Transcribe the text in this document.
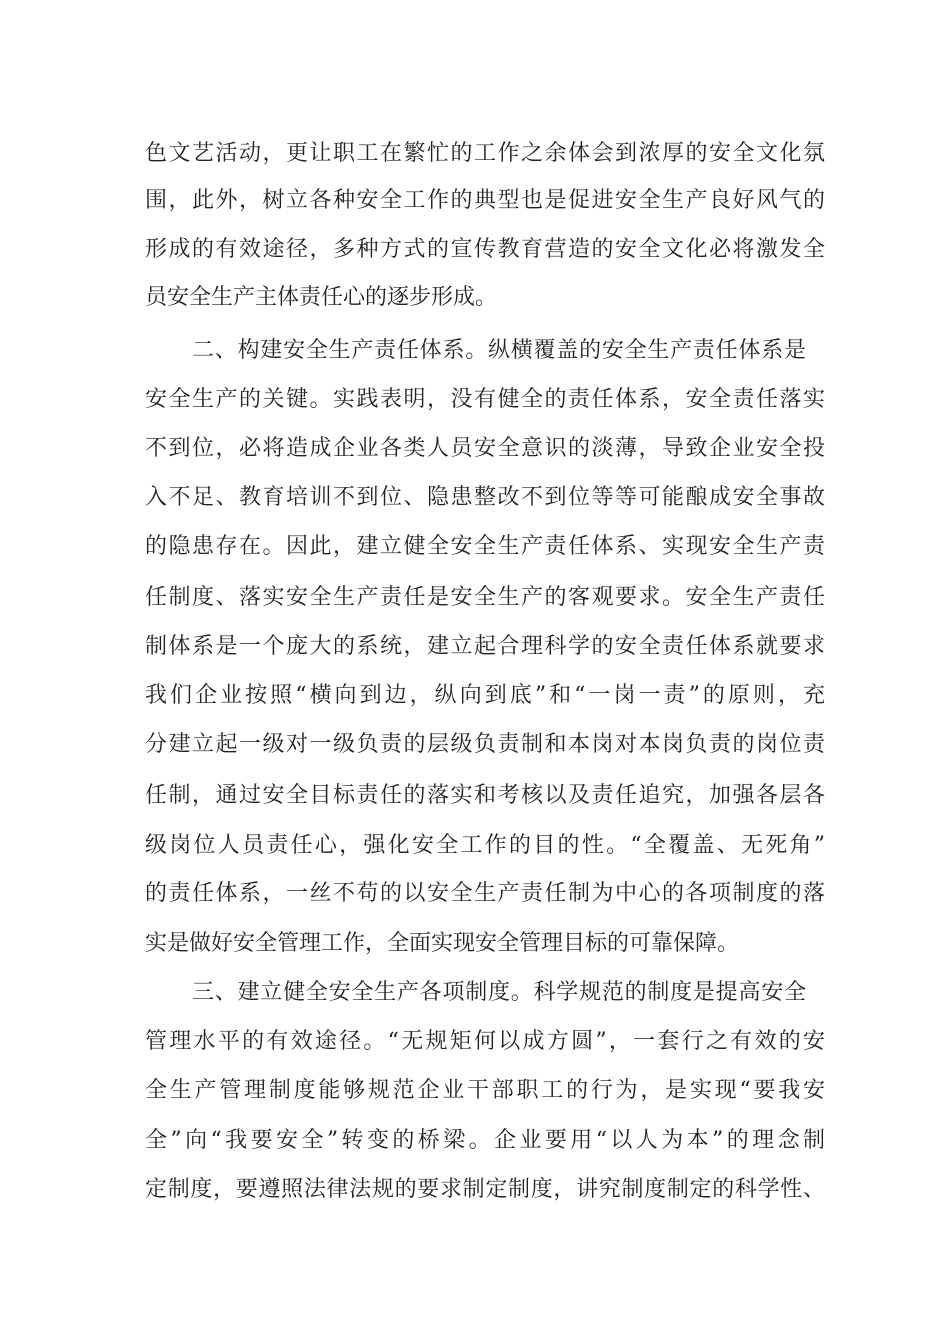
色文艺活动，更让职工在繁忙的工作之余体会到浓厚的安全文化氛
围，此外，树立各种安全工作的典型也是促进安全生产良好风气的
形成的有效途径，多种方式的宣传教育营造的安全文化必将激发全
员安全生产主体责任心的逐步形成。
二、构建安全生产责任体系。纵横覆盖的安全生产责任体系是
安全生产的关键。实践表明，没有健全的责任体系，安全责任落实
不到位，必将造成企业各类人员安全意识的淡薄，导致企业安全投
入不足、教育培训不到位、隐患整改不到位等等可能酿成安全事故
的隐患存在。因此，建立健全安全生产责任体系、实现安全生产责
任制度、落实安全生产责任是安全生产的客观要求。安全生产责任
制体系是一个庞大的系统，建立起合理科学的安全责任体系就要求
我们企业按照“横向到边，纵向到底”和“一岗一责”的原则，充
分建立起一级对一级负责的层级负责制和本岗对本岗负责的岗位责
任制，通过安全目标责任的落实和考核以及责任追究，加强各层各
级岗位人员责任心，强化安全工作的目的性。“全覆盖、无死角”
的责任体系，一丝不苟的以安全生产责任制为中心的各项制度的落
实是做好安全管理工作，全面实现安全管理目标的可靠保障。
三、建立健全安全生产各项制度。科学规范的制度是提高安全
管理水平的有效途径。“无规矩何以成方圆”，一套行之有效的安
全生产管理制度能够规范企业干部职工的行为，是实现“要我安
全”向“我要安全”转变的桥梁。企业要用“以人为本”的理念制
定制度，要遵照法律法规的要求制定制度，讲究制度制定的科学性、
